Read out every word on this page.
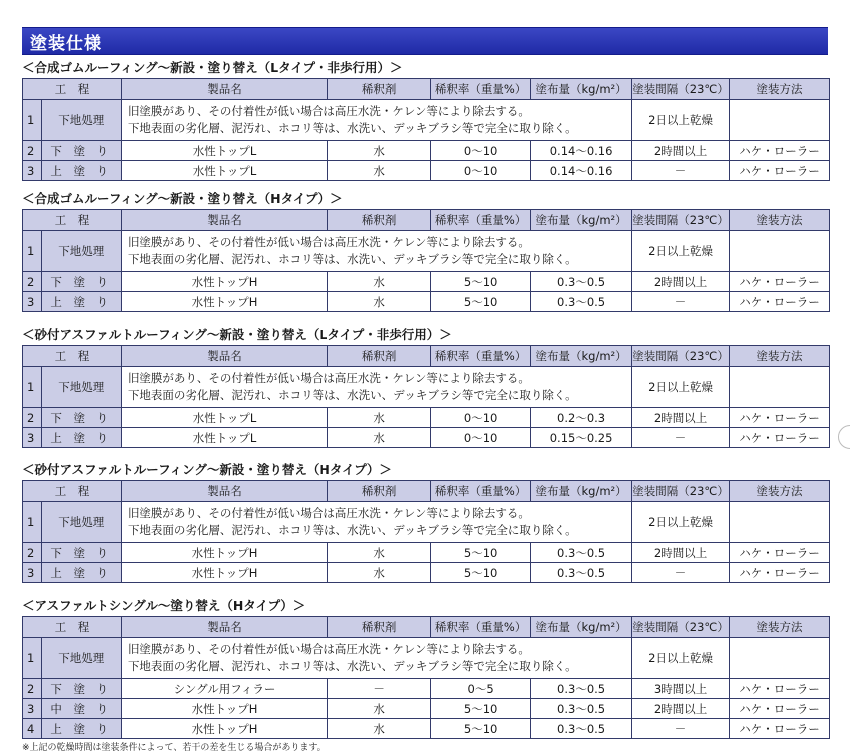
塗装仕様
＜合成ゴムルーフィング～新設・塗り替え（Lタイプ・非歩行用）＞
工　程		製品名	稀釈剤	稀釈率（重量%）	塗布量（kg/m²）	塗装間隔（23℃）	塗装方法
1	下地処理	旧塗膜があり、その付着性が低い場合は高圧水洗・ケレン等により除去する。
下地表面の劣化層、泥汚れ、ホコリ等は、水洗い、デッキブラシ等で完全に取り除く。				2日以上乾燥	
2	下 塗 り	水性トップL	水	0～10	0.14～0.16	2時間以上	ハケ・ローラー
3	上 塗 り	水性トップL	水	0～10	0.14～0.16	－	ハケ・ローラー
＜合成ゴムルーフィング～新設・塗り替え（Hタイプ）＞
工　程		製品名	稀釈剤	稀釈率（重量%）	塗布量（kg/m²）	塗装間隔（23℃）	塗装方法
1	下地処理	旧塗膜があり、その付着性が低い場合は高圧水洗・ケレン等により除去する。
下地表面の劣化層、泥汚れ、ホコリ等は、水洗い、デッキブラシ等で完全に取り除く。				2日以上乾燥	
2	下 塗 り	水性トップH	水	5～10	0.3～0.5	2時間以上	ハケ・ローラー
3	上 塗 り	水性トップH	水	5～10	0.3～0.5	－	ハケ・ローラー
＜砂付アスファルトルーフィング～新設・塗り替え（Lタイプ・非歩行用）＞
工　程		製品名	稀釈剤	稀釈率（重量%）	塗布量（kg/m²）	塗装間隔（23℃）	塗装方法
1	下地処理	旧塗膜があり、その付着性が低い場合は高圧水洗・ケレン等により除去する。
下地表面の劣化層、泥汚れ、ホコリ等は、水洗い、デッキブラシ等で完全に取り除く。				2日以上乾燥	
2	下 塗 り	水性トップL	水	0～10	0.2～0.3	2時間以上	ハケ・ローラー
3	上 塗 り	水性トップL	水	0～10	0.15～0.25	－	ハケ・ローラー
＜砂付アスファルトルーフィング～新設・塗り替え（Hタイプ）＞
工　程		製品名	稀釈剤	稀釈率（重量%）	塗布量（kg/m²）	塗装間隔（23℃）	塗装方法
1	下地処理	旧塗膜があり、その付着性が低い場合は高圧水洗・ケレン等により除去する。
下地表面の劣化層、泥汚れ、ホコリ等は、水洗い、デッキブラシ等で完全に取り除く。				2日以上乾燥	
2	下 塗 り	水性トップH	水	5～10	0.3～0.5	2時間以上	ハケ・ローラー
3	上 塗 り	水性トップH	水	5～10	0.3～0.5	－	ハケ・ローラー
＜アスファルトシングル～塗り替え（Hタイプ）＞
工　程		製品名	稀釈剤	稀釈率（重量%）	塗布量（kg/m²）	塗装間隔（23℃）	塗装方法
1	下地処理	旧塗膜があり、その付着性が低い場合は高圧水洗・ケレン等により除去する。
下地表面の劣化層、泥汚れ、ホコリ等は、水洗い、デッキブラシ等で完全に取り除く。				2日以上乾燥	
2	下 塗 り	シングル用フィラー	－	0～5	0.3～0.5	3時間以上	ハケ・ローラー
3	中 塗 り	水性トップH	水	5～10	0.3～0.5	2時間以上	ハケ・ローラー
4	上 塗 り	水性トップH	水	5～10	0.3～0.5	－	ハケ・ローラー
※上記の乾燥時間は塗装条件によって、若干の差を生じる場合があります。
